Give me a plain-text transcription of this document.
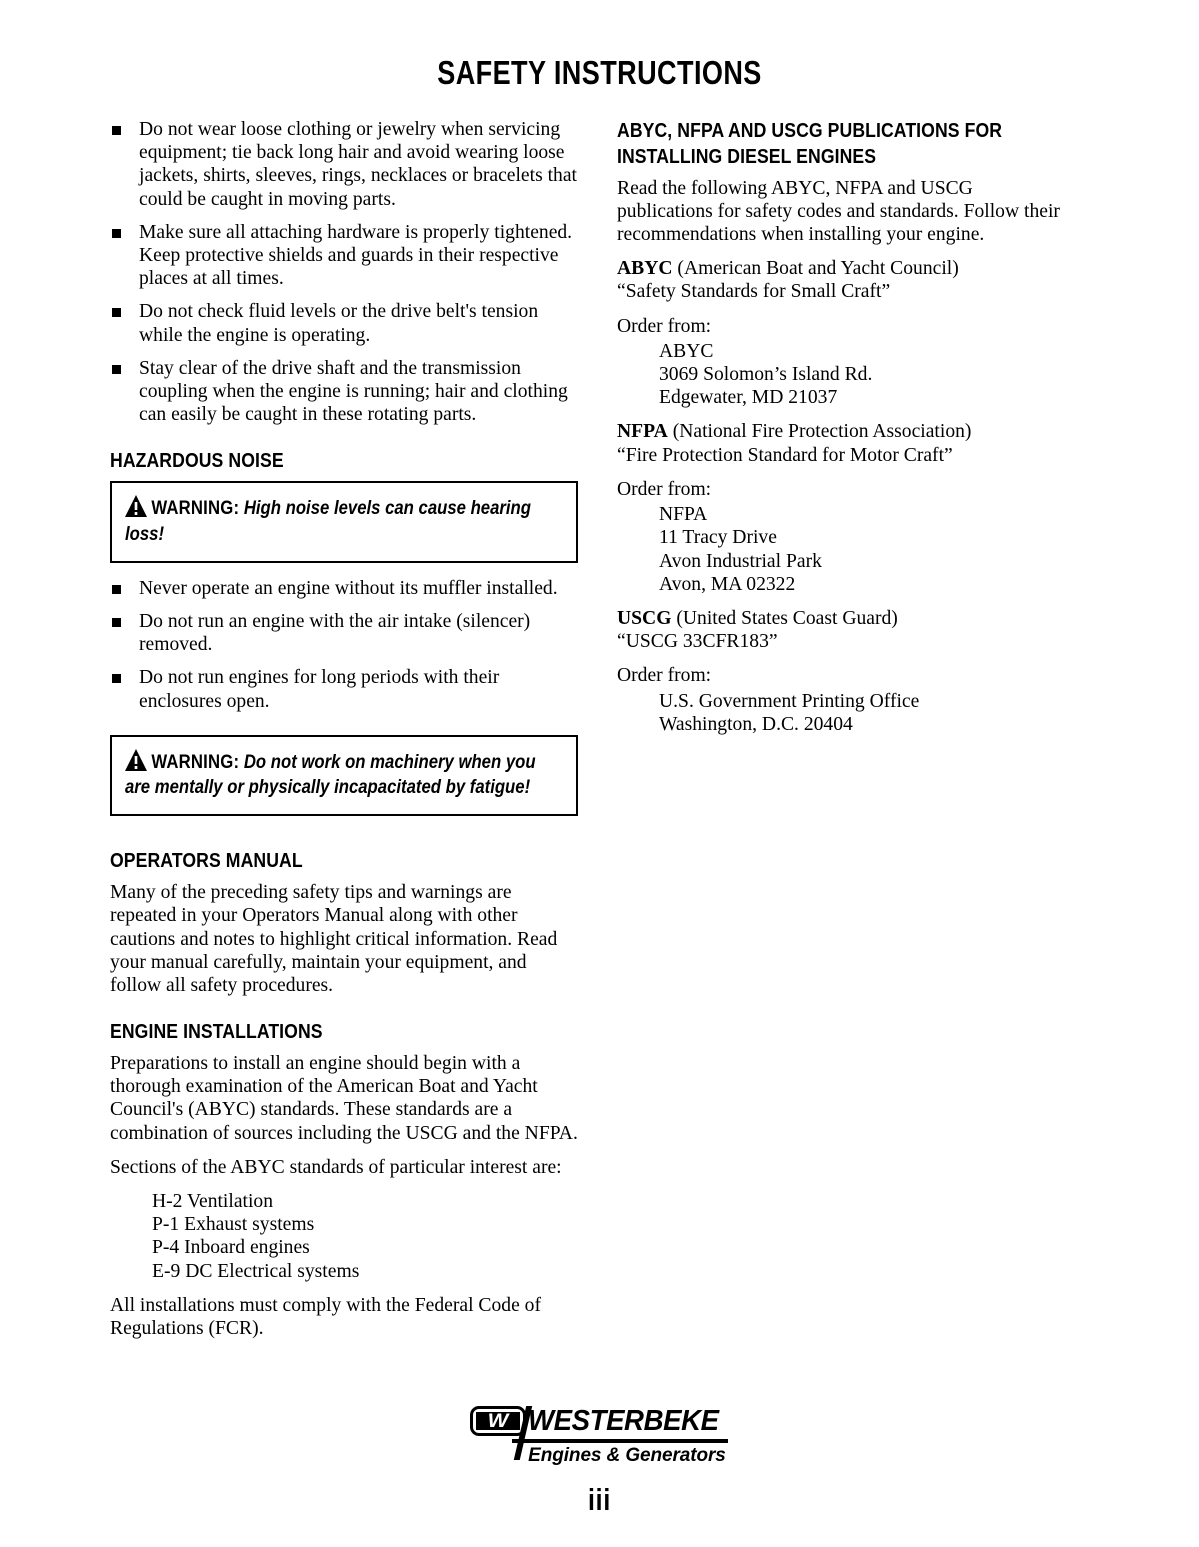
SAFETY INSTRUCTIONS
Do not wear loose clothing or jewelry when servicing equipment; tie back long hair and avoid wearing loose jackets, shirts, sleeves, rings, necklaces or bracelets that could be caught in moving parts.
Make sure all attaching hardware is properly tightened. Keep protective shields and guards in their respective places at all times.
Do not check fluid levels or the drive belt's tension while the engine is operating.
Stay clear of the drive shaft and the transmission coupling when the engine is running; hair and clothing can easily be caught in these rotating parts.
HAZARDOUS NOISE
WARNING: High noise levels can cause hearing loss!
Never operate an engine without its muffler installed.
Do not run an engine with the air intake (silencer) removed.
Do not run engines for long periods with their enclosures open.
WARNING: Do not work on machinery when you are mentally or physically incapacitated by fatigue!
OPERATORS MANUAL

Many of the preceding safety tips and warnings are repeated in your Operators Manual along with other cautions and notes to highlight critical information. Read your manual carefully, maintain your equipment, and follow all safety procedures.

ENGINE INSTALLATIONS

Preparations to install an engine should begin with a thorough examination of the American Boat and Yacht Council's (ABYC) standards. These standards are a combination of sources including the USCG and the NFPA.

Sections of the ABYC standards of particular interest are:

H-2 Ventilation
P-1 Exhaust systems
P-4 Inboard engines
E-9 DC Electrical systems

All installations must comply with the Federal Code of Regulations (FCR).

ABYC, NFPA AND USCG PUBLICATIONS FOR INSTALLING DIESEL ENGINES

Read the following ABYC, NFPA and USCG publications for safety codes and standards. Follow their recommendations when installing your engine.

ABYC (American Boat and Yacht Council)

“Safety Standards for Small Craft”

Order from:

ABYC
3069 Solomon’s Island Rd.
Edgewater, MD 21037

NFPA (National Fire Protection Association)

“Fire Protection Standard for Motor Craft”

Order from:

NFPA
11 Tracy Drive
Avon Industrial Park
Avon, MA 02322

USCG (United States Coast Guard)

“USCG 33CFR183”

Order from:

U.S. Government Printing Office
Washington, D.C. 20404
W WESTERBEKE
Engines & Generators
iii
